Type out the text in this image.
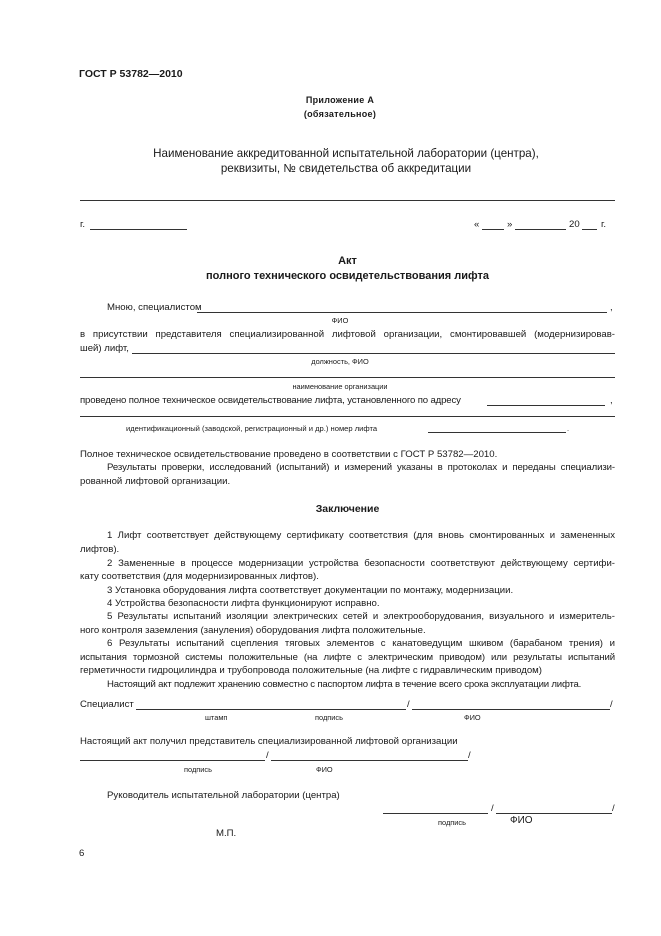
ГОСТ Р 53782—2010
Приложение А
(обязательное)
Наименование аккредитованной испытательной лаборатории (центра),
реквизиты, № свидетельства об аккредитации
г.	«	»	20 г.
Акт
полного технического освидетельствования лифта
Мною, специалистом	,
ФИО
в присутствии представителя специализированной лифтовой организации, смонтировавшей (модернизировав-
шей) лифт,
должность, ФИО
наименование организации
проведено полное техническое освидетельствование лифта, установленного по адресу	,
идентификационный (заводской, регистрационный и др.) номер лифта	.
Полное техническое освидетельствование проведено в соответствии с ГОСТ Р 53782—2010.
Результаты проверки, исследований (испытаний) и измерений указаны в протоколах и переданы специализи-
рованной лифтовой организации.
Заключение
1 Лифт соответствует действующему сертификату соответствия (для вновь смонтированных и замененных
лифтов).
2 Замененные в процессе модернизации устройства безопасности соответствуют действующему сертифи-
кату соответствия (для модернизированных лифтов).
3 Установка оборудования лифта соответствует документации по монтажу, модернизации.
4 Устройства безопасности лифта функционируют исправно.
5 Результаты испытаний изоляции электрических сетей и электрооборудования, визуального и измеритель-
ного контроля заземления (зануления) оборудования лифта положительные.
6 Результаты испытаний сцепления тяговых элементов с канатоведущим шкивом (барабаном трения) и
испытания тормозной системы положительные (на лифте с электрическим приводом) или результаты испытаний
герметичности гидроцилиндра и трубопровода положительные (на лифте с гидравлическим приводом)
Настоящий акт подлежит хранению совместно с паспортом лифта в течение всего срока эксплуатации лифта.
Специалист	/	/
штамп	подпись	ФИО
Настоящий акт получил представитель специализированной лифтовой организации
/	/
подпись	ФИО
Руководитель испытательной лаборатории (центра)
/	/
подпись	ФИО
М.П.
6
